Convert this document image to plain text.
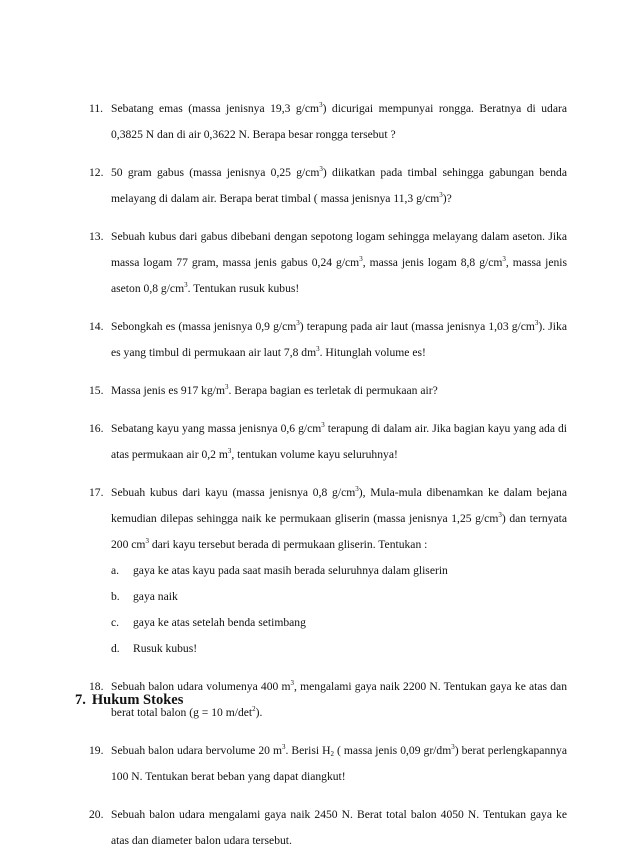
11. Sebatang emas (massa jenisnya 19,3 $g/cm^3$) dicurigai mempunyai rongga. Beratnya di udara 0,3825 N dan di air 0,3622 N. Berapa besar rongga tersebut ?
12. 50 gram gabus (massa jenisnya 0,25 $g/cm^3$) diikatkan pada timbal sehingga gabungan benda melayang di dalam air. Berapa berat timbal ( massa jenisnya 11,3 $g/cm^3$)?
13. Sebuah kubus dari gabus dibebani dengan sepotong logam sehingga melayang dalam aseton. Jika massa logam 77 gram, massa jenis gabus 0,24 $g/cm^3$, massa jenis logam 8,8 $g/cm^3$, massa jenis aseton 0,8 $g/cm^3$. Tentukan rusuk kubus!
14. Sebongkah es (massa jenisnya 0,9 $g/cm^3$) terapung pada air laut (massa jenisnya 1,03 $g/cm^3$). Jika es yang timbul di permukaan air laut 7,8 $dm^3$. Hitunglah volume es!
15. Massa jenis es 917 $kg/m^3$. Berapa bagian es terletak di permukaan air?
16. Sebatang kayu yang massa jenisnya 0,6 $g/cm^3$ terapung di dalam air. Jika bagian kayu yang ada di atas permukaan air 0,2 $m^3$, tentukan volume kayu seluruhnya!
17. Sebuah kubus dari kayu (massa jenisnya 0,8 $g/cm^3$), Mula-mula dibenamkan ke dalam bejana kemudian dilepas sehingga naik ke permukaan gliserin (massa jenisnya 1,25 $g/cm^3$) dan ternyata 200 $cm^3$ dari kayu tersebut berada di permukaan gliserin. Tentukan :
a. gaya ke atas kayu pada saat masih berada seluruhnya dalam gliserin
b. gaya naik
c. gaya ke atas setelah benda setimbang
d. Rusuk kubus!
18. Sebuah balon udara volumenya 400 $m^3$, mengalami gaya naik 2200 N. Tentukan gaya ke atas dan berat total balon (g = 10 $m/\det^2$).
19. Sebuah balon udara bervolume 20 $m^3$. Berisi $H_2$ ( massa jenis 0,09 $gr/dm^3$) berat perlengkapannya 100 N. Tentukan berat beban yang dapat diangkut!
20. Sebuah balon udara mengalami gaya naik 2450 N. Berat total balon 4050 N. Tentukan gaya ke atas dan diameter balon udara tersebut.
7. Hukum Stokes
